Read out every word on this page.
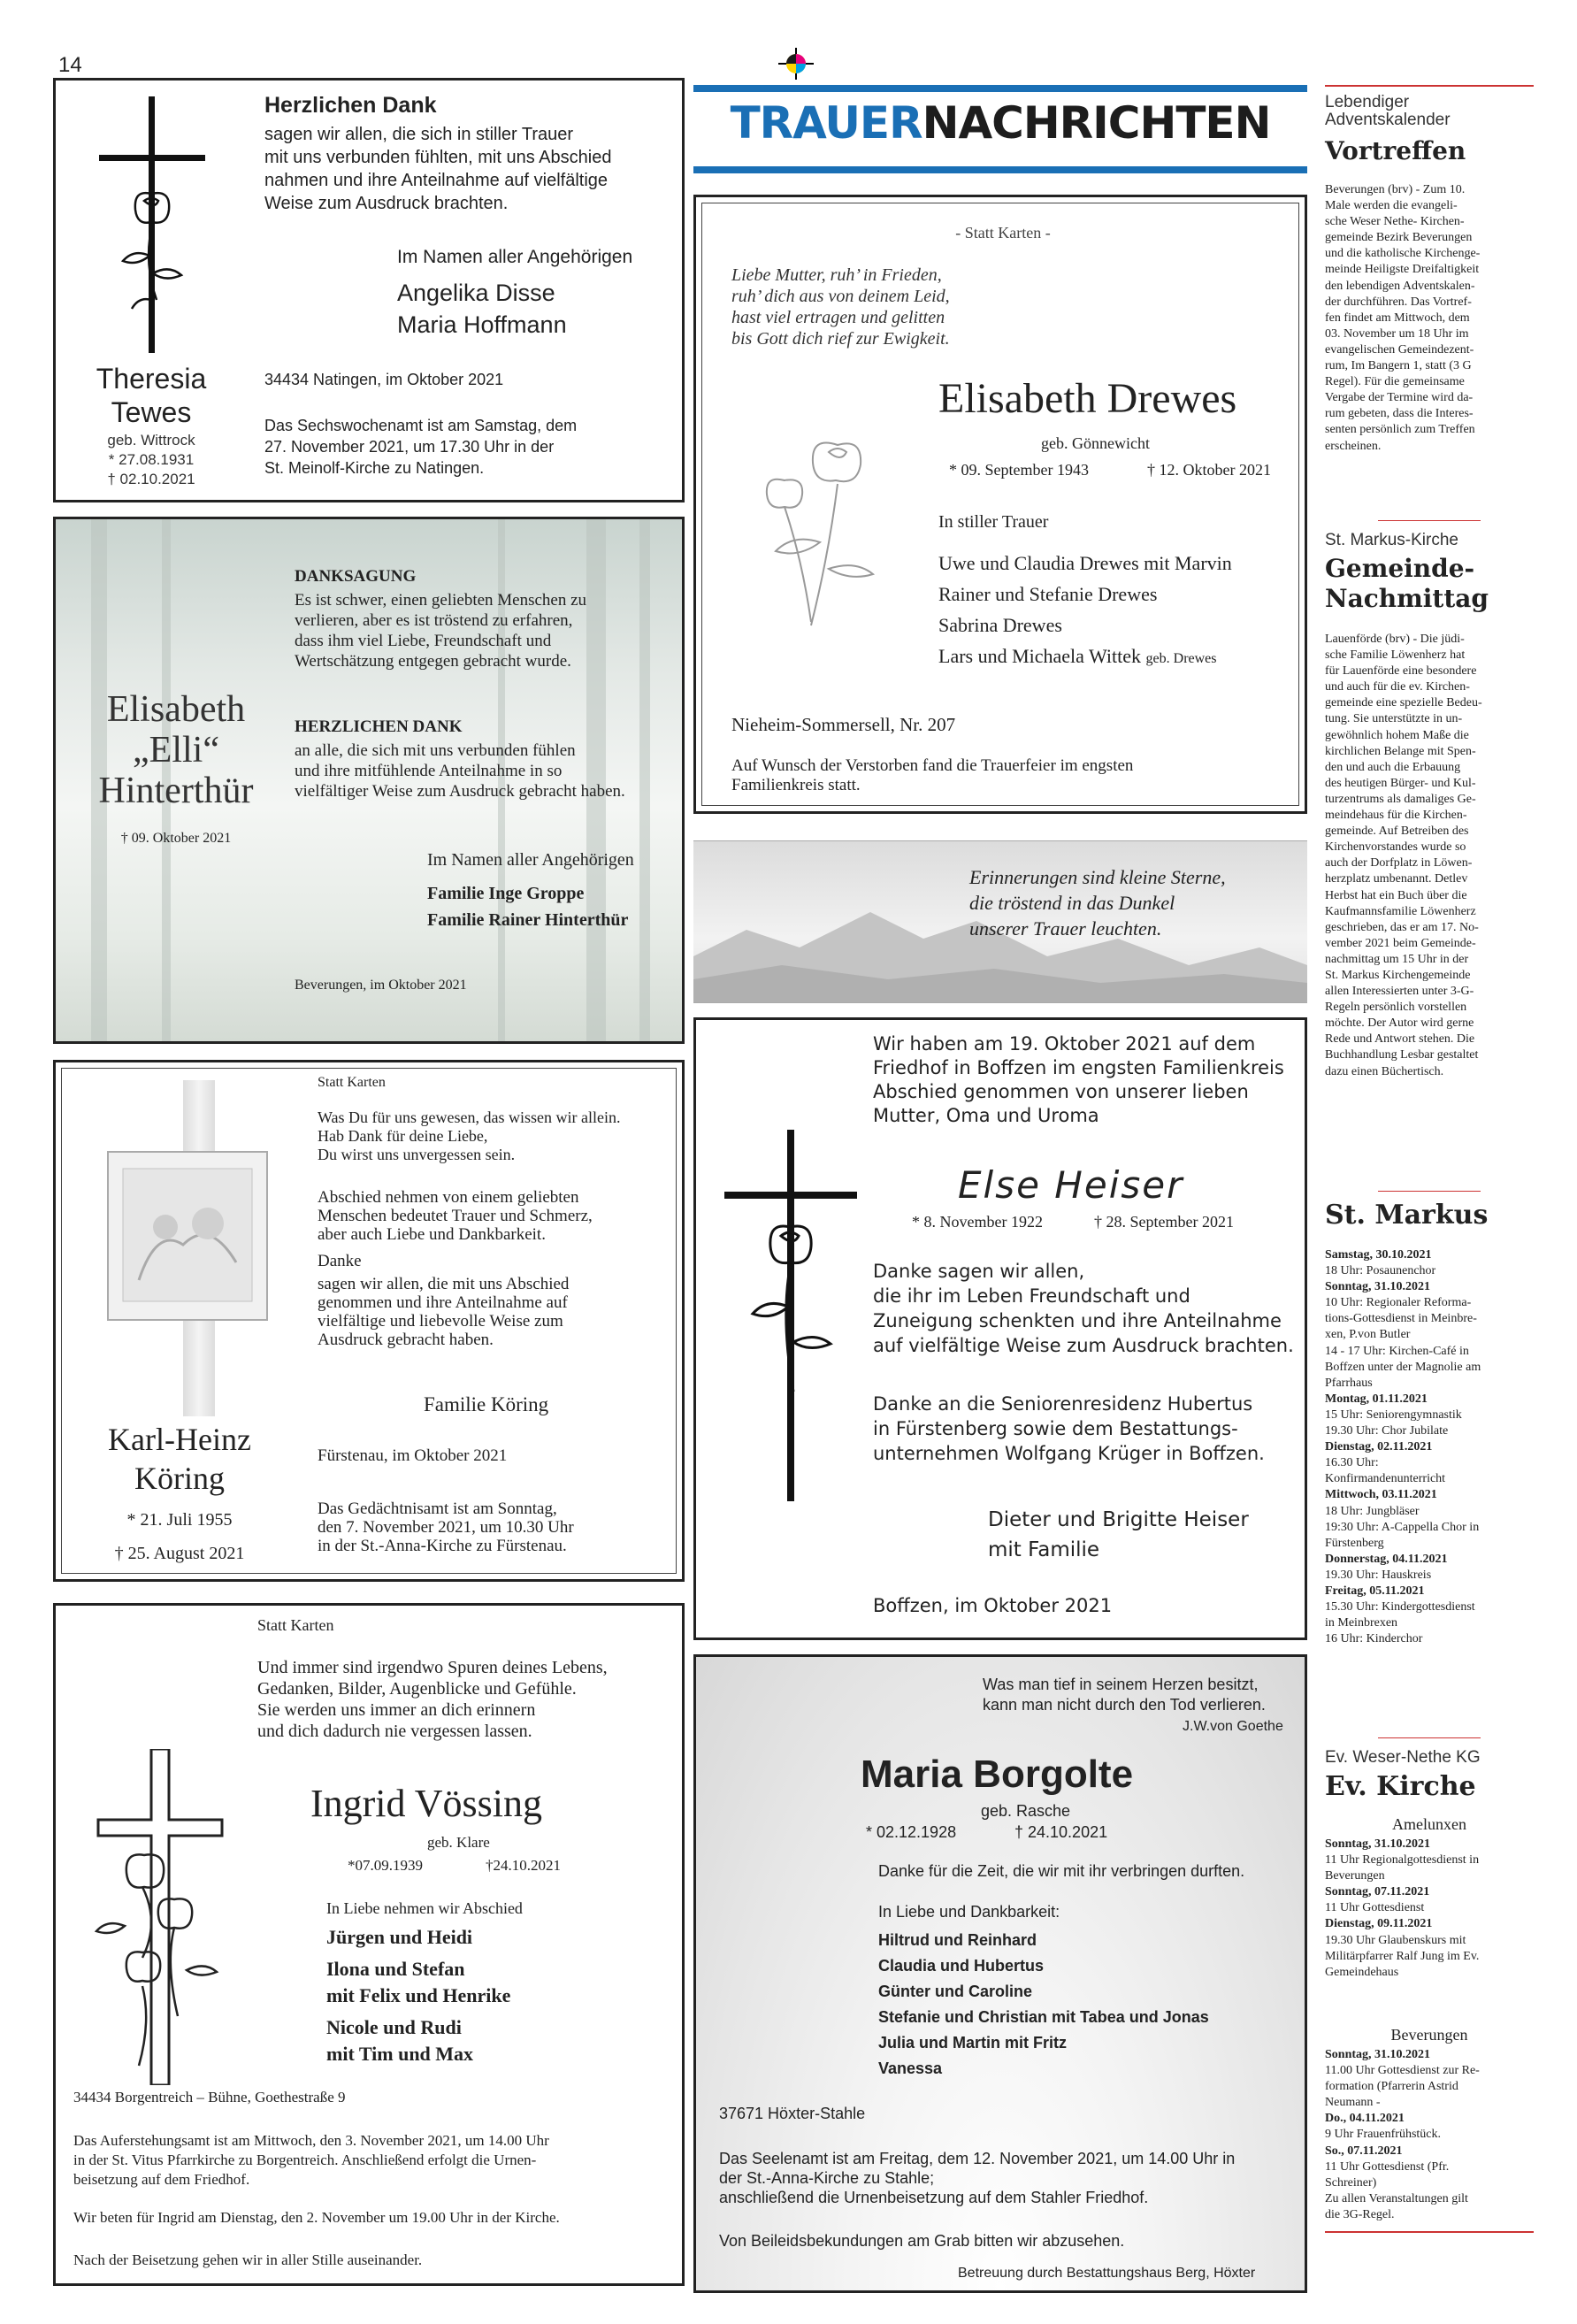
14
Theresia
Tewes
geb. Wittrock
* 27.08.1931
† 02.10.2021
Herzlichen Dank
sagen wir allen, die sich in stiller Trauer
mit uns verbunden fühlten, mit uns Abschied
nahmen und ihre Anteilnahme auf vielfältige
Weise zum Ausdruck brachten.
Im Namen aller Angehörigen
Angelika Disse
Maria Hoffmann
34434 Natingen, im Oktober 2021
Das Sechswochenamt ist am Samstag, dem
27. November 2021, um 17.30 Uhr in der
St. Meinolf-Kirche zu Natingen.
Elisabeth
„Elli“
Hinterthür
† 09. Oktober 2021
DANKSAGUNG
Es ist schwer, einen geliebten Menschen zu
verlieren, aber es ist tröstend zu erfahren,
dass ihm viel Liebe, Freundschaft und
Wertschätzung entgegen gebracht wurde.
HERZLICHEN DANK
an alle, die sich mit uns verbunden fühlen
und ihre mitfühlende Anteilnahme in so
vielfältiger Weise zum Ausdruck gebracht haben.
Im Namen aller Angehörigen
Familie Inge Groppe
Familie Rainer Hinterthür
Beverungen, im Oktober 2021
Karl-Heinz
Köring
* 21. Juli 1955
† 25. August 2021
Statt Karten
Was Du für uns gewesen, das wissen wir allein.
Hab Dank für deine Liebe,
Du wirst uns unvergessen sein.
Abschied nehmen von einem geliebten
Menschen bedeutet Trauer und Schmerz,
aber auch Liebe und Dankbarkeit.
Danke
sagen wir allen, die mit uns Abschied
genommen und ihre Anteilnahme auf
vielfältige und liebevolle Weise zum
Ausdruck gebracht haben.
Familie Köring
Fürstenau, im Oktober 2021
Das Gedächtnisamt ist am Sonntag,
den 7. November 2021, um 10.30 Uhr
in der St.-Anna-Kirche zu Fürstenau.
Statt Karten
Und immer sind irgendwo Spuren deines Lebens,
Gedanken, Bilder, Augenblicke und Gefühle.
Sie werden uns immer an dich erinnern
und dich dadurch nie vergessen lassen.
Ingrid Vössing
geb. Klare
*07.09.1939	†24.10.2021
In Liebe nehmen wir Abschied
Jürgen und Heidi
Ilona und Stefan
mit Felix und Henrike
Nicole und Rudi
mit Tim und Max
34434 Borgentreich – Bühne, Goethestraße 9
Das Auferstehungsamt ist am Mittwoch, den 3. November 2021, um 14.00 Uhr
in der St. Vitus Pfarrkirche zu Borgentreich. Anschließend erfolgt die Urnen-
beisetzung auf dem Friedhof.
Wir beten für Ingrid am Dienstag, den 2. November um 19.00 Uhr in der Kirche.
Nach der Beisetzung gehen wir in aller Stille auseinander.
TRAUERNACHRICHTEN
- Statt Karten -
Liebe Mutter, ruh’ in Frieden,
ruh’ dich aus von deinem Leid,
hast viel ertragen und gelitten
bis Gott dich rief zur Ewigkeit.
Elisabeth Drewes
geb. Gönnewicht
* 09. September 1943	† 12. Oktober 2021
In stiller Trauer
Uwe und Claudia Drewes mit Marvin
Rainer und Stefanie Drewes
Sabrina Drewes
Lars und Michaela Wittek geb. Drewes
Nieheim-Sommersell, Nr. 207
Auf Wunsch der Verstorben fand die Trauerfeier im engsten
Familienkreis statt.
Erinnerungen sind kleine Sterne,
die tröstend in das Dunkel
unserer Trauer leuchten.
Wir haben am 19. Oktober 2021 auf dem
Friedhof in Boffzen im engsten Familienkreis
Abschied genommen von unserer lieben
Mutter, Oma und Uroma
Else Heiser
* 8. November 1922	† 28. September 2021
Danke sagen wir allen,
die ihr im Leben Freundschaft und
Zuneigung schenkten und ihre Anteilnahme
auf vielfältige Weise zum Ausdruck brachten.
Danke an die Seniorenresidenz Hubertus
in Fürstenberg sowie dem Bestattungs-
unternehmen Wolfgang Krüger in Boffzen.
Dieter und Brigitte Heiser
mit Familie
Boffzen, im Oktober 2021
Was man tief in seinem Herzen besitzt,
kann man nicht durch den Tod verlieren.
J.W.von Goethe
Maria Borgolte
geb. Rasche
* 02.12.1928	† 24.10.2021
Danke für die Zeit, die wir mit ihr verbringen durften.
In Liebe und Dankbarkeit:
Hiltrud und Reinhard
Claudia und Hubertus
Günter und Caroline
Stefanie und Christian mit Tabea und Jonas
Julia und Martin mit Fritz
Vanessa
37671 Höxter-Stahle
Das Seelenamt ist am Freitag, dem 12. November 2021, um 14.00 Uhr in
der St.-Anna-Kirche zu Stahle;
anschließend die Urnenbeisetzung auf dem Stahler Friedhof.
Von Beileidsbekundungen am Grab bitten wir abzusehen.
Betreuung durch Bestattungshaus Berg, Höxter
Lebendiger
Adventskalender
Vortreffen
Beverungen (brv) - Zum 10.
Male werden die evangeli-
sche Weser Nethe- Kirchen-
gemeinde Bezirk Beverungen
und die katholische Kirchenge-
meinde Heiligste Dreifaltigkeit
den lebendigen Adventskalen-
der durchführen. Das Vortref-
fen findet am Mittwoch, dem
03. November um 18 Uhr im
evangelischen Gemeindezent-
rum, Im Bangern 1, statt (3 G
Regel). Für die gemeinsame
Vergabe der Termine wird da-
rum gebeten, dass die Interes-
senten persönlich zum Treffen
erscheinen.
St. Markus-Kirche
Gemeinde-
Nachmittag
Lauenförde (brv) - Die jüdi-
sche Familie Löwenherz hat
für Lauenförde eine besondere
und auch für die ev. Kirchen-
gemeinde eine spezielle Bedeu-
tung. Sie unterstützte in un-
gewöhnlich hohem Maße die
kirchlichen Belange mit Spen-
den und auch die Erbauung
des heutigen Bürger- und Kul-
turzentrums als damaliges Ge-
meindehaus für die Kirchen-
gemeinde. Auf Betreiben des
Kirchenvorstandes wurde so
auch der Dorfplatz in Löwen-
herzplatz umbenannt. Detlev
Herbst hat ein Buch über die
Kaufmannsfamilie Löwenherz
geschrieben, das er am 17. No-
vember 2021 beim Gemeinde-
nachmittag um 15 Uhr in der
St. Markus Kirchengemeinde
allen Interessierten unter 3-G-
Regeln persönlich vorstellen
möchte. Der Autor wird gerne
Rede und Antwort stehen. Die
Buchhandlung Lesbar gestaltet
dazu einen Büchertisch.
St. Markus
Samstag, 30.10.2021
18 Uhr: Posaunenchor
Sonntag, 31.10.2021
10 Uhr: Regionaler Reforma-
tions-Gottesdienst in Meinbre-
xen, P.von Butler
14 - 17 Uhr: Kirchen-Café in
Boffzen unter der Magnolie am
Pfarrhaus
Montag, 01.11.2021
15 Uhr: Seniorengymnastik
19.30 Uhr: Chor Jubilate
Dienstag, 02.11.2021
16.30 Uhr:
Konfirmandenunterricht
Mittwoch, 03.11.2021
18 Uhr: Jungbläser
19:30 Uhr: A-Cappella Chor in
Fürstenberg
Donnerstag, 04.11.2021
19.30 Uhr: Hauskreis
Freitag, 05.11.2021
15.30 Uhr: Kindergottesdienst
in Meinbrexen
16 Uhr: Kinderchor
Ev. Weser-Nethe KG
Ev. Kirche
Amelunxen
Sonntag, 31.10.2021
11 Uhr Regionalgottesdienst in
Beverungen
Sonntag, 07.11.2021
11 Uhr Gottesdienst
Dienstag, 09.11.2021
19.30 Uhr Glaubenskurs mit
Militärpfarrer Ralf Jung im Ev.
Gemeindehaus
Beverungen
Sonntag, 31.10.2021
11.00 Uhr Gottesdienst zur Re-
formation (Pfarrerin Astrid
Neumann -
Do., 04.11.2021
9 Uhr Frauenfrühstück.
So., 07.11.2021
11 Uhr Gottesdienst (Pfr.
Schreiner)
Zu allen Veranstaltungen gilt
die 3G-Regel.
